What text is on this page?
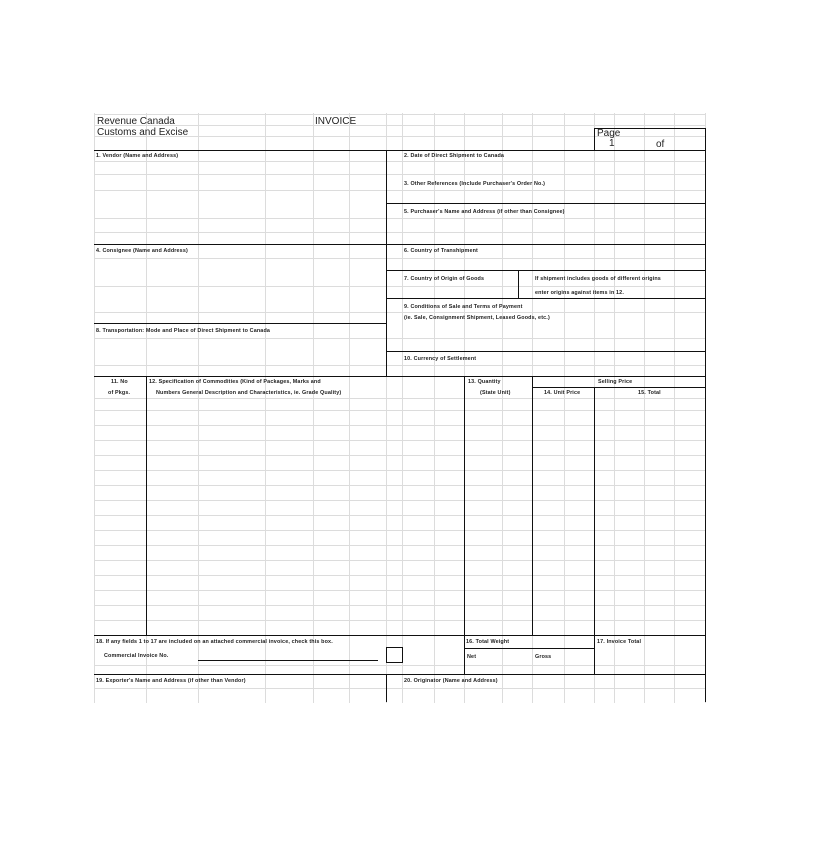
Revenue Canada
Customs and Excise
INVOICE
Page
1	of
1. Vendor (Name and Address)	2. Date of Direct Shipment to Canada
3. Other References (Include Purchaser's Order No.)
5. Purchaser's Name and Address (if other than Consignee)
4. Consignee (Name and Address)	6. Country of Transhipment
7. Country of Origin of Goods	If shipment includes goods of different origins
enter origins against items in 12.
9. Conditions of Sale and Terms of Payment
(ie. Sale, Consignment Shipment, Leased Goods, etc.)
8. Transportation: Mode and Place of Direct Shipment to Canada
10. Currency of Settlement
11. No
of Pkgs.
12. Specification of Commodities (Kind of Packages, Marks and
Numbers General Description and Characteristics, ie. Grade Quality)
13. Quantity
(State Unit)
Selling Price
14. Unit Price	15. Total
18. If any fields 1 to 17 are included on an attached commercial invoice, check this box.
Commercial Invoice No.
16. Total Weight
Net	Gross
17. Invoice Total
19. Exporter's Name and Address (if other than Vendor)	20. Originator (Name and Address)
